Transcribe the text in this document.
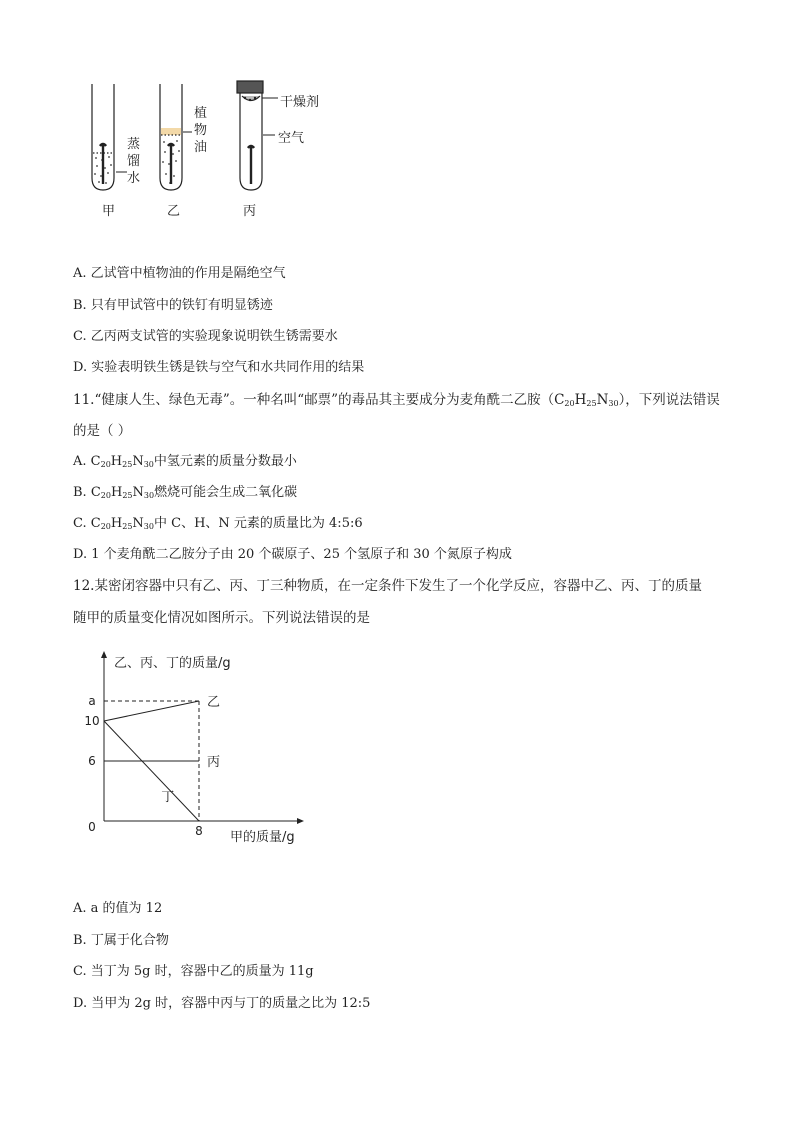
蒸
馏
水
植
物
油
干燥剂
空气
甲	乙	丙
A. 乙试管中植物油的作用是隔绝空气
B. 只有甲试管中的铁钉有明显锈迹
C. 乙丙两支试管的实验现象说明铁生锈需要水
D. 实验表明铁生锈是铁与空气和水共同作用的结果
11.“健康人生、绿色无毒”。一种名叫“邮票”的毒品其主要成分为麦角酰二乙胺$(C_{20}H_{25}N_{30})$，下列说法错误
的是（ ）
A. $C_{20}H_{25}N_{30}$中氢元素的质量分数最小
B. $C_{20}H_{25}N_{30}$燃烧可能会生成二氧化碳
C. $C_{20}H_{25}N_{30}$中 C、H、N 元素的质量比为 4:5:6
D. 1 个麦角酰二乙胺分子由 20 个碳原子、25 个氢原子和 30 个氮原子构成
12.某密闭容器中只有乙、丙、丁三种物质，在一定条件下发生了一个化学反应，容器中乙、丙、丁的质量
随甲的质量变化情况如图所示。下列说法错误的是
乙、丙、丁的质量/g
甲的质量/g
乙
丙
丁
0
6
10
a
8
A. a 的值为 12
B. 丁属于化合物
C. 当丁为 5g 时，容器中乙的质量为 11g
D. 当甲为 2g 时，容器中丙与丁的质量之比为 12:5
